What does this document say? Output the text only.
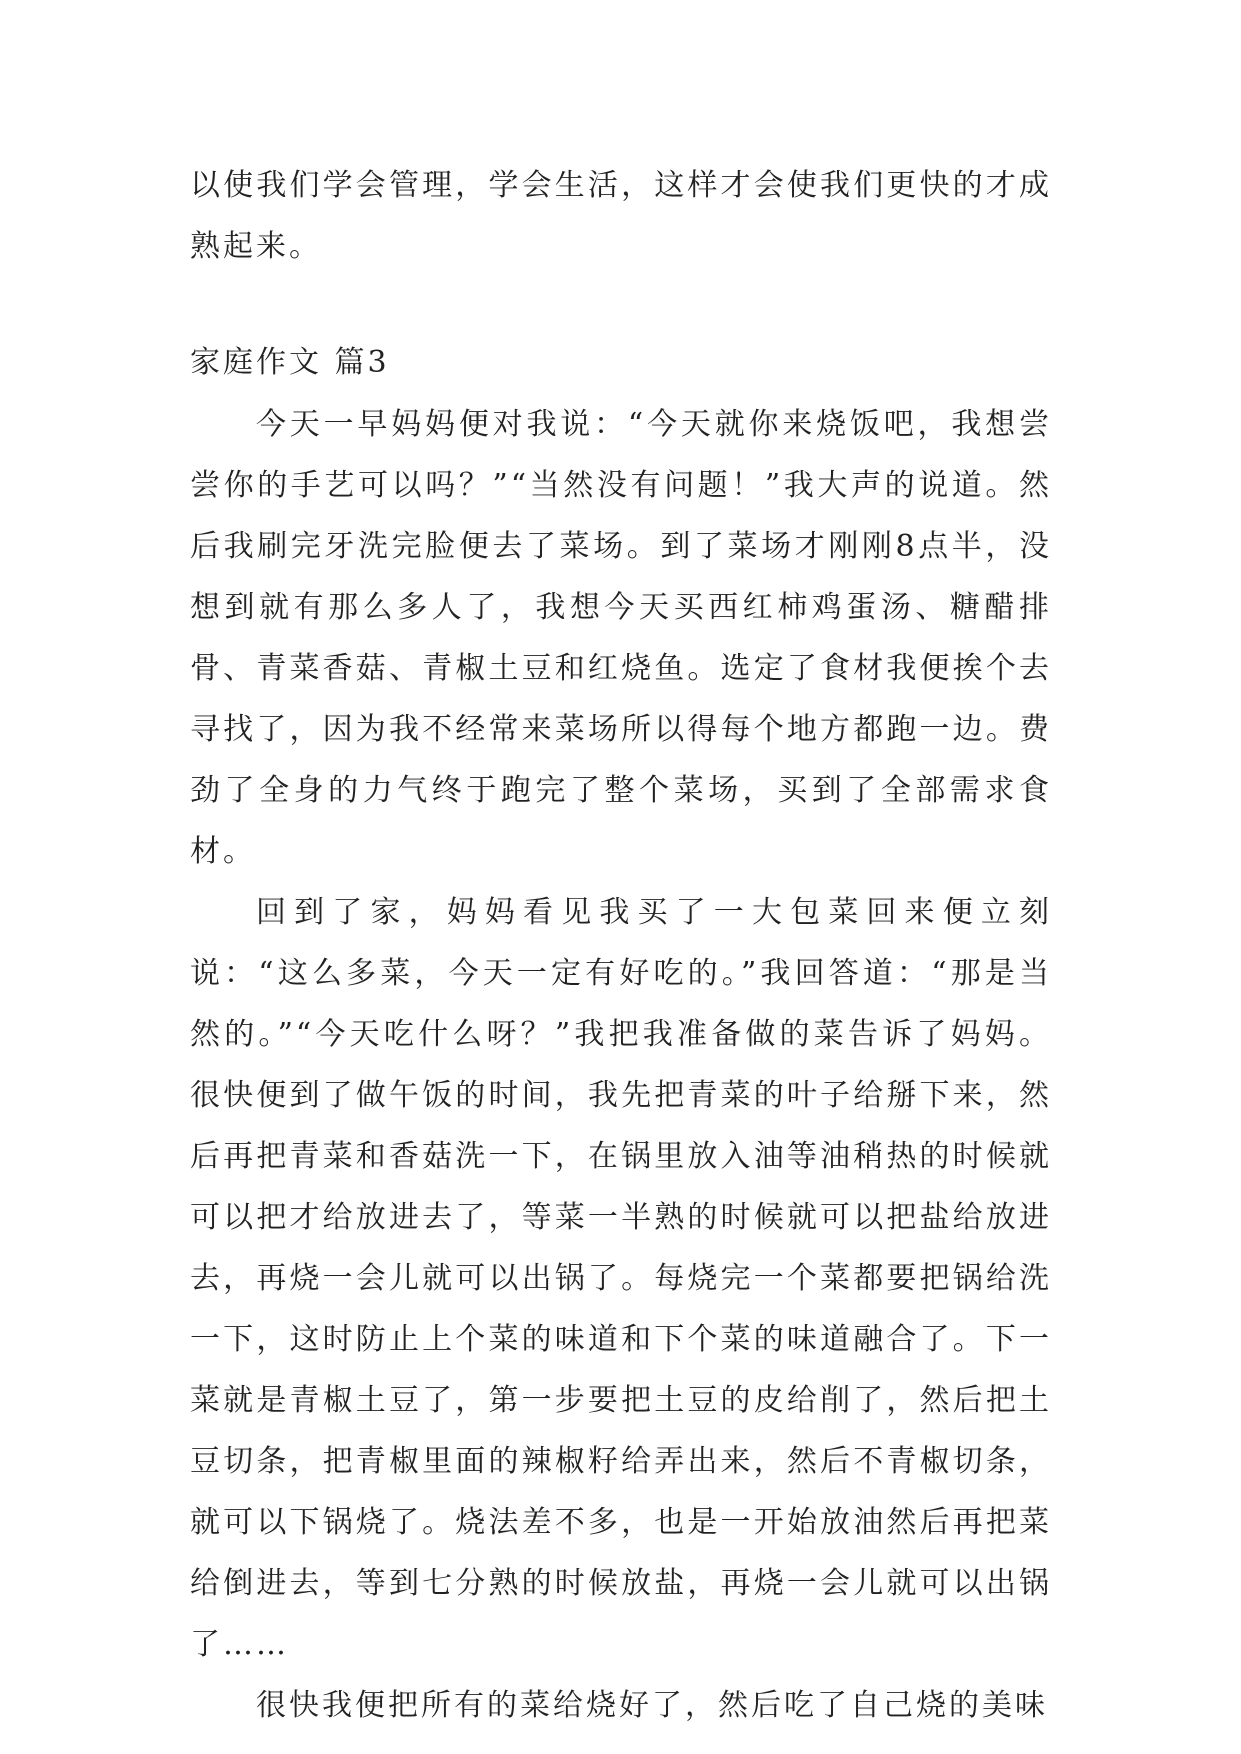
以使我们学会管理，学会生活，这样才会使我们更快的才成熟起来。

家庭作文 篇3

今天一早妈妈便对我说：“今天就你来烧饭吧，我想尝尝你的手艺可以吗？”“当然没有问题！”我大声的说道。然后我刷完牙洗完脸便去了菜场。到了菜场才刚刚8点半，没想到就有那么多人了，我想今天买西红柿鸡蛋汤、糖醋排骨、青菜香菇、青椒土豆和红烧鱼。选定了食材我便挨个去寻找了，因为我不经常来菜场所以得每个地方都跑一边。费劲了全身的力气终于跑完了整个菜场，买到了全部需求食材。

回到了家，妈妈看见我买了一大包菜回来便立刻说：“这么多菜，今天一定有好吃的。”我回答道：“那是当然的。”“今天吃什么呀？”我把我准备做的菜告诉了妈妈。很快便到了做午饭的时间，我先把青菜的叶子给掰下来，然后再把青菜和香菇洗一下，在锅里放入油等油稍热的时候就可以把才给放进去了，等菜一半熟的时候就可以把盐给放进去，再烧一会儿就可以出锅了。每烧完一个菜都要把锅给洗一下，这时防止上个菜的味道和下个菜的味道融合了。下一菜就是青椒土豆了，第一步要把土豆的皮给削了，然后把土豆切条，把青椒里面的辣椒籽给弄出来，然后不青椒切条，就可以下锅烧了。烧法差不多，也是一开始放油然后再把菜给倒进去，等到七分熟的时候放盐，再烧一会儿就可以出锅了……

很快我便把所有的菜给烧好了，然后吃了自己烧的美味
